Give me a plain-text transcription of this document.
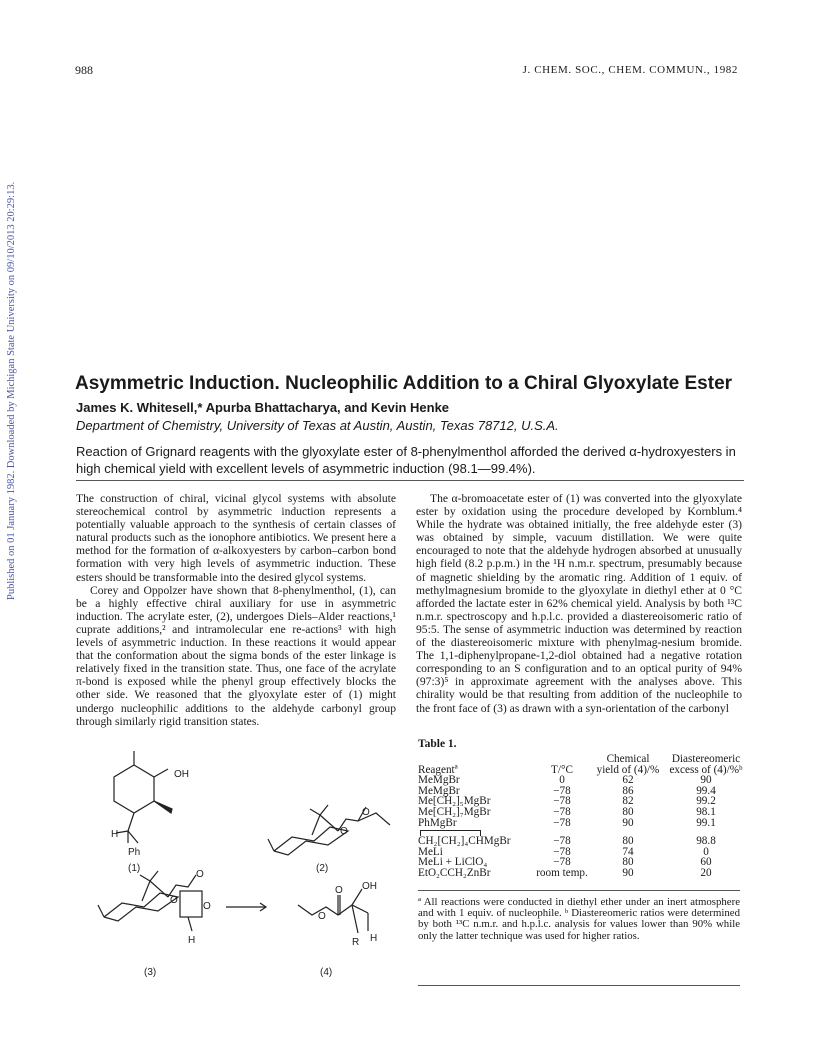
988	J. CHEM. SOC., CHEM. COMMUN., 1982
Published on 01 January 1982. Downloaded by Michigan State University on 09/10/2013 20:29:13.	Asymmetric Induction. Nucleophilic Addition to a Chiral Glyoxylate Ester
James K. Whitesell,* Apurba Bhattacharya, and Kevin Henke
Department of Chemistry, University of Texas at Austin, Austin, Texas 78712, U.S.A.
Reaction of Grignard reagents with the glyoxylate ester of 8-phenylmenthol afforded the derived α-hydroxyesters in high chemical yield with excellent levels of asymmetric induction (98.1—99.4%).

The construction of chiral, vicinal glycol systems with absolute stereochemical control by asymmetric induction represents a potentially valuable approach to the synthesis of certain classes of natural products such as the ionophore antibiotics. We present here a method for the formation of α-alkoxyesters by carbon–carbon bond formation with very high levels of asymmetric induction. These esters should be transformable into the desired glycol systems.

Corey and Oppolzer have shown that 8-phenylmenthol, (1), can be a highly effective chiral auxiliary for use in asymmetric induction. The acrylate ester, (2), undergoes Diels–Alder reactions,¹ cuprate additions,² and intramolecular ene re-actions³ with high levels of asymmetric induction. In these reactions it would appear that the conformation about the sigma bonds of the ester linkage is relatively fixed in the transition state. Thus, one face of the acrylate π-bond is exposed while the phenyl group effectively blocks the other side. We reasoned that the glyoxylate ester of (1) might undergo nucleophilic additions to the aldehyde carbonyl group through similarly rigid transition states.

The α-bromoacetate ester of (1) was converted into the glyoxylate ester by oxidation using the procedure developed by Kornblum.⁴ While the hydrate was obtained initially, the free aldehyde ester (3) was obtained by simple, vacuum distillation. We were quite encouraged to note that the aldehyde hydrogen absorbed at unusually high field (8.2 p.p.m.) in the ¹H n.m.r. spectrum, presumably because of magnetic shielding by the aromatic ring. Addition of 1 equiv. of methylmagnesium bromide to the glyoxylate in diethyl ether at 0 °C afforded the lactate ester in 62% chemical yield. Analysis by both ¹³C n.m.r. spectroscopy and h.p.l.c. provided a diastereoisomeric ratio of 95:5. The sense of asymmetric induction was determined by reaction of the diastereoisomeric mixture with phenylmag-nesium bromide. The 1,1-diphenylpropane-1,2-diol obtained had a negative rotation corresponding to an S configuration and to an optical purity of 94% (97:3)⁵ in approximate agreement with the analyses above. This chirality would be that resulting from addition of the nucleophile to the front face of (3) as drawn with a syn-orientation of the carbonyl

OH
H
Ph
O
O
O
O
O
H
O
O OH
H
R
(1)	(2)
(3)	(4)
Table 1.
		Chemical	Diastereomeric
Reagentª	T/°C	yield of (4)/%	excess of (4)/%ᵇ
MeMgBr	0	62	90
MeMgBr	−78	86	99.4
Me[CH₂]₅MgBr	−78	82	99.2
Me[CH₂]₇MgBr	−78	80	98.1
PhMgBr	−78	90	99.1
CH₂[CH₂]₄CHMgBr	−78	80	98.8
MeLi	−78	74	0
MeLi + LiClO₄	−78	80	60
EtO₂CCH₂ZnBr	room temp.	90	20
ª All reactions were conducted in diethyl ether under an inert atmosphere and with 1 equiv. of nucleophile. ᵇ Diastereomeric ratios were determined by both ¹³C n.m.r. and h.p.l.c. analysis for values lower than 90% while only the latter technique was used for higher ratios.
